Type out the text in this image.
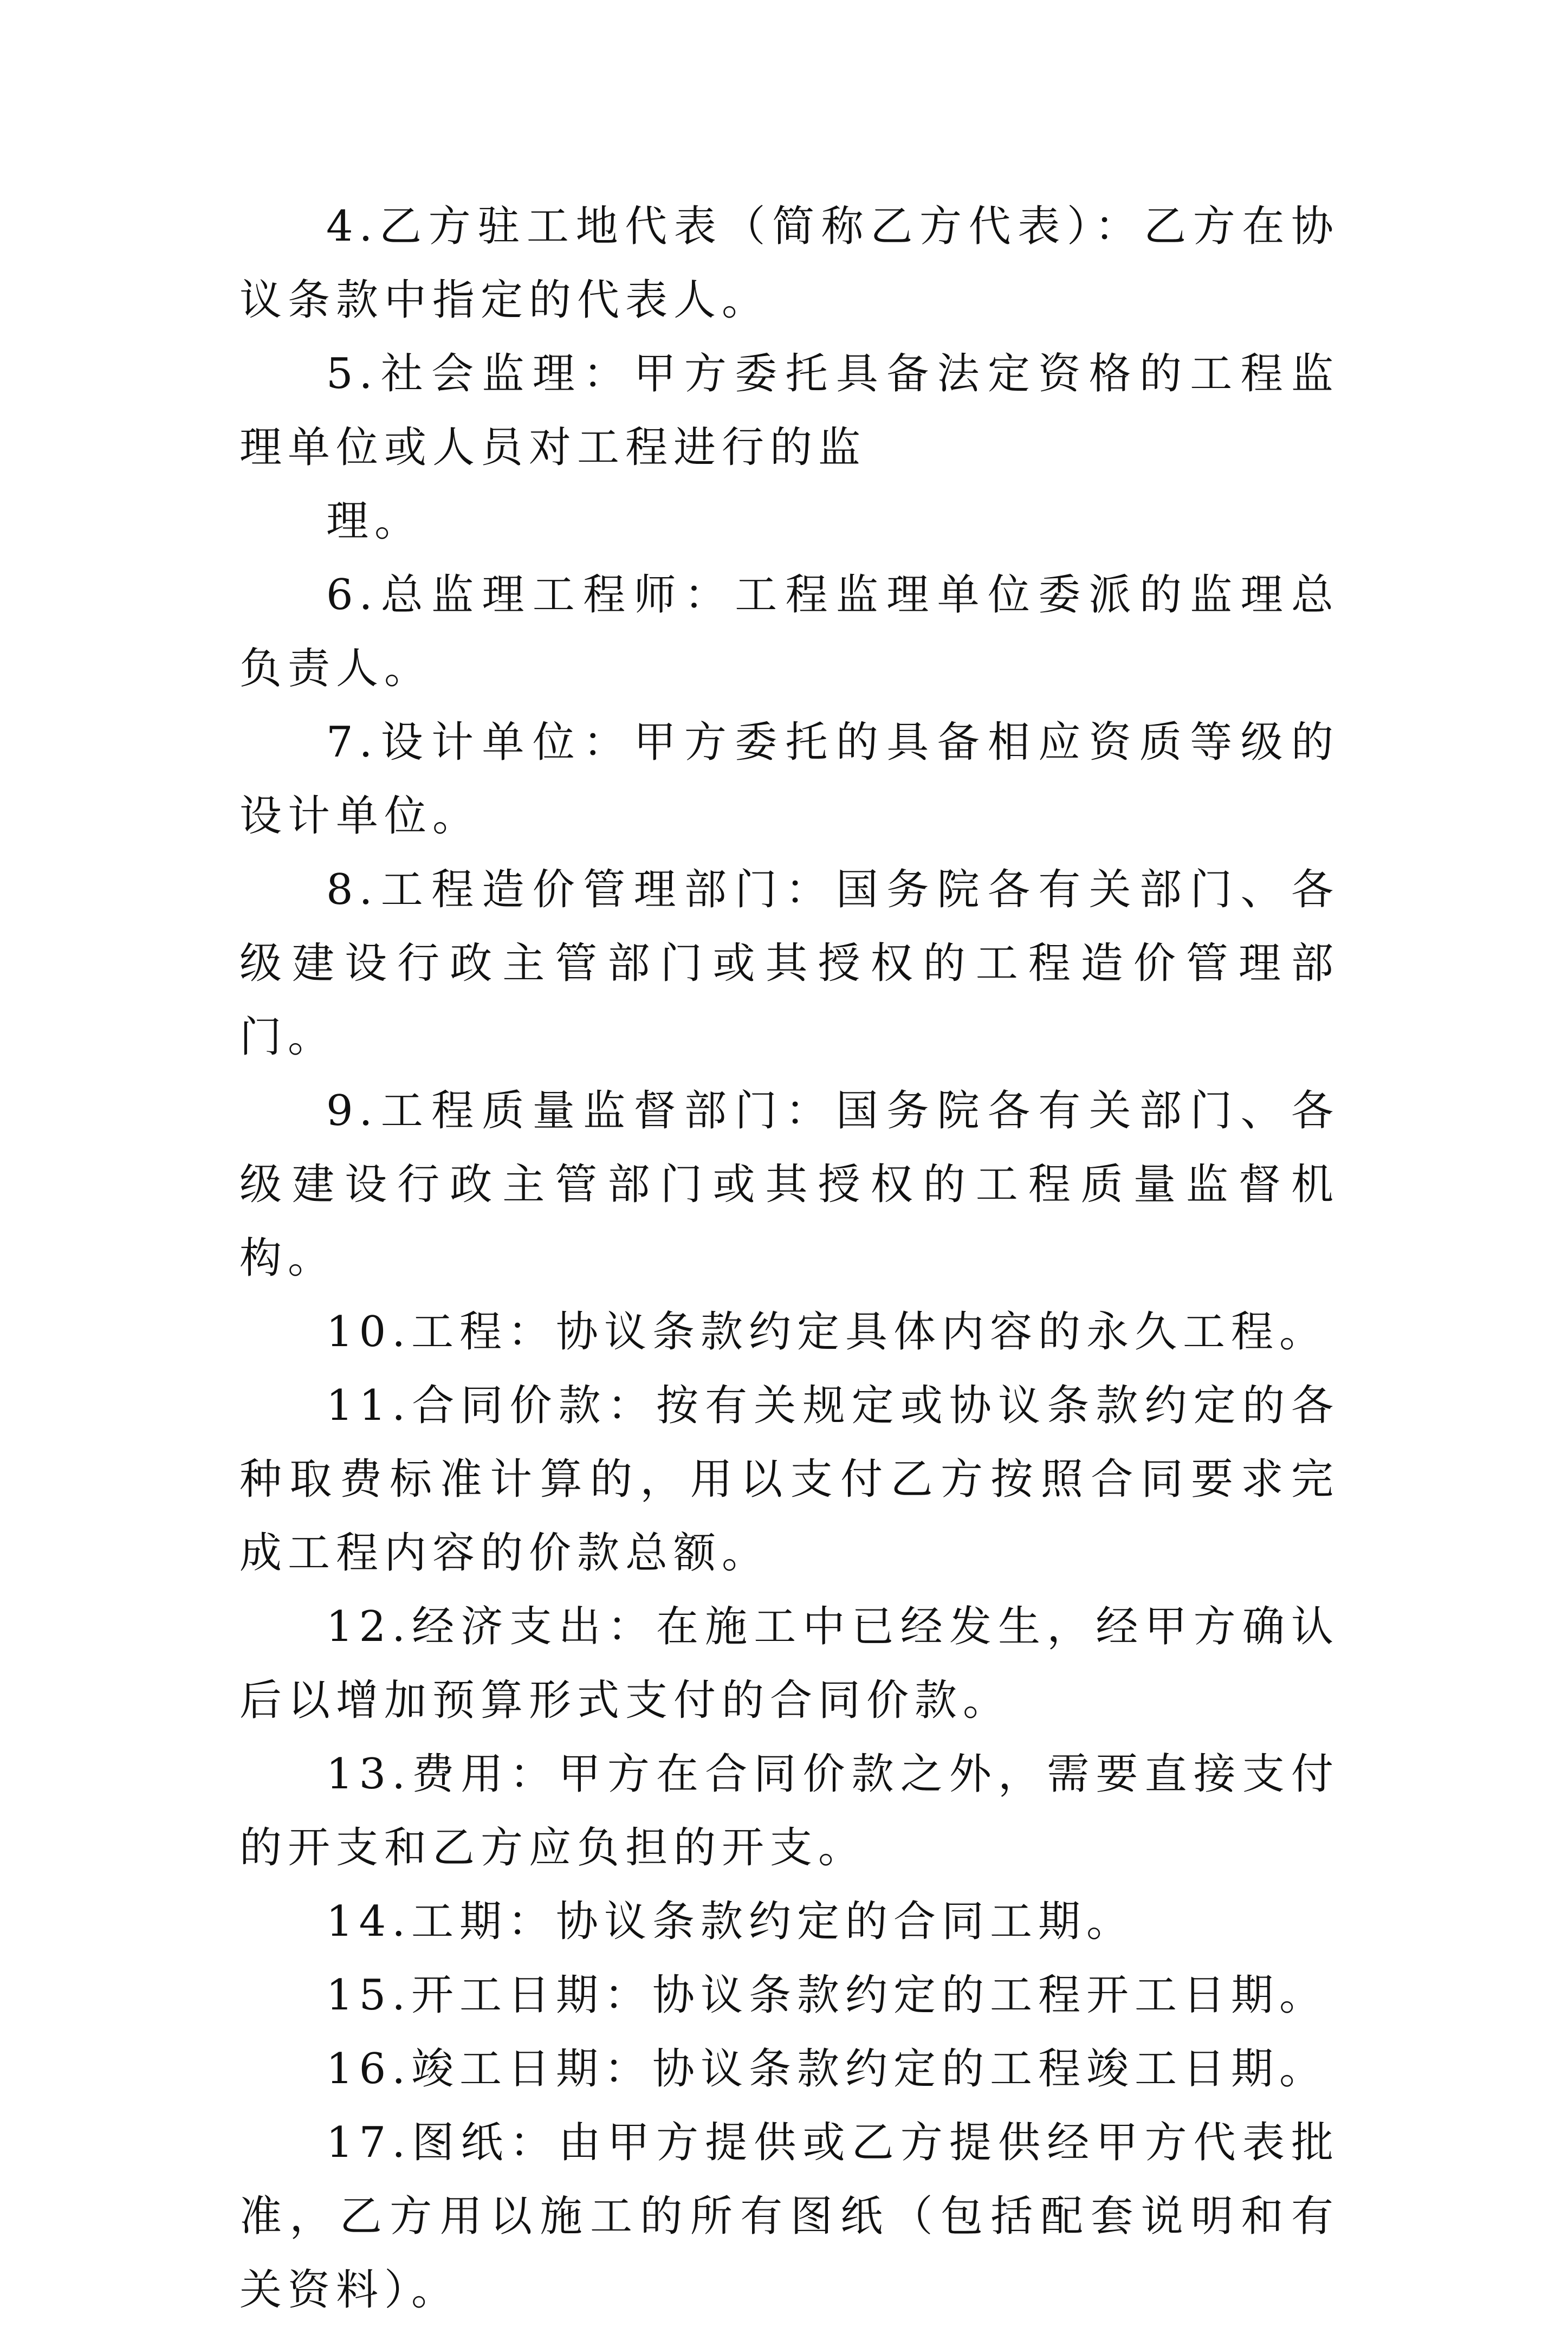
4.乙方驻工地代表（简称乙方代表）：乙方在协议条款中指定的代表人。

5.社会监理：甲方委托具备法定资格的工程监理单位或人员对工程进行的监

理。

6.总监理工程师：工程监理单位委派的监理总负责人。

7.设计单位：甲方委托的具备相应资质等级的设计单位。

8.工程造价管理部门：国务院各有关部门、各级建设行政主管部门或其授权的工程造价管理部门。

9.工程质量监督部门：国务院各有关部门、各级建设行政主管部门或其授权的工程质量监督机构。

10.工程：协议条款约定具体内容的永久工程。

11.合同价款：按有关规定或协议条款约定的各种取费标准计算的，用以支付乙方按照合同要求完成工程内容的价款总额。

12.经济支出：在施工中已经发生，经甲方确认后以增加预算形式支付的合同价款。

13.费用：甲方在合同价款之外，需要直接支付的开支和乙方应负担的开支。

14.工期：协议条款约定的合同工期。

15.开工日期：协议条款约定的工程开工日期。

16.竣工日期：协议条款约定的工程竣工日期。

17.图纸：由甲方提供或乙方提供经甲方代表批准，乙方用以施工的所有图纸（包括配套说明和有关资料）。
